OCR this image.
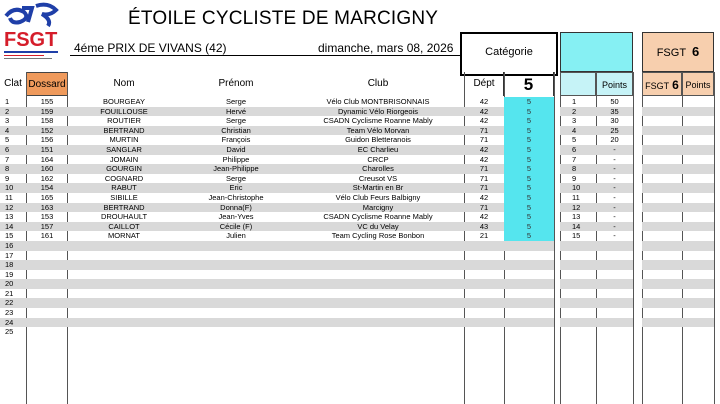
FSGT
ÉTOILE CYCLISTE DE MARCIGNY
4éme PRIX DE VIVANS (42)	dimanche, mars 08, 2026	Catégorie	FSGT 6
Clat Dossard	Nom	Prénom	Club	Dépt	5	Points	FSGT 6 Points
1	155	BOURGEAY	Serge	Vélo Club MONTBRISONNAIS	42	5	1	50
2	159	FOUILLOUSE	Hervé	Dynamic Vélo Riorgeois	42	5	2	35
3	158	ROUTIER	Serge	CSADN Cyclisme Roanne Mably	42	5	3	30
4	152	BERTRAND	Christian	Team Vélo Morvan	71	5	4	25
5	156	MURTIN	François	Guidon Bletteranois	71	5	5	20
6	151	SANGLAR	David	EC Charlieu	42	5	6	-
7	164	JOMAIN	Philippe	CRCP	42	5	7	-
8	160	GOURGIN	Jean-Philippe	Charolles	71	5	8	-
9	162	COGNARD	Serge	Creusot VS	71	5	9	-
10	154	RABUT	Eric	St-Martin en Br	71	5	10	-
11	165	SIBILLE	Jean-Christophe	Vélo Club Feurs Balbigny	42	5	11	-
12	163	BERTRAND	Donna(F)	Marcigny	71	5	12	-
13	153	DROUHAULT	Jean-Yves	CSADN Cyclisme Roanne Mably	42	5	13	-
14	157	CAILLOT	Cécile (F)	VC du Velay	43	5	14	-
15	161	MORNAT	Julien	Team Cycling Rose Bonbon	21	5	15	-
16
17
18
19
20
21
22
23
24
25
